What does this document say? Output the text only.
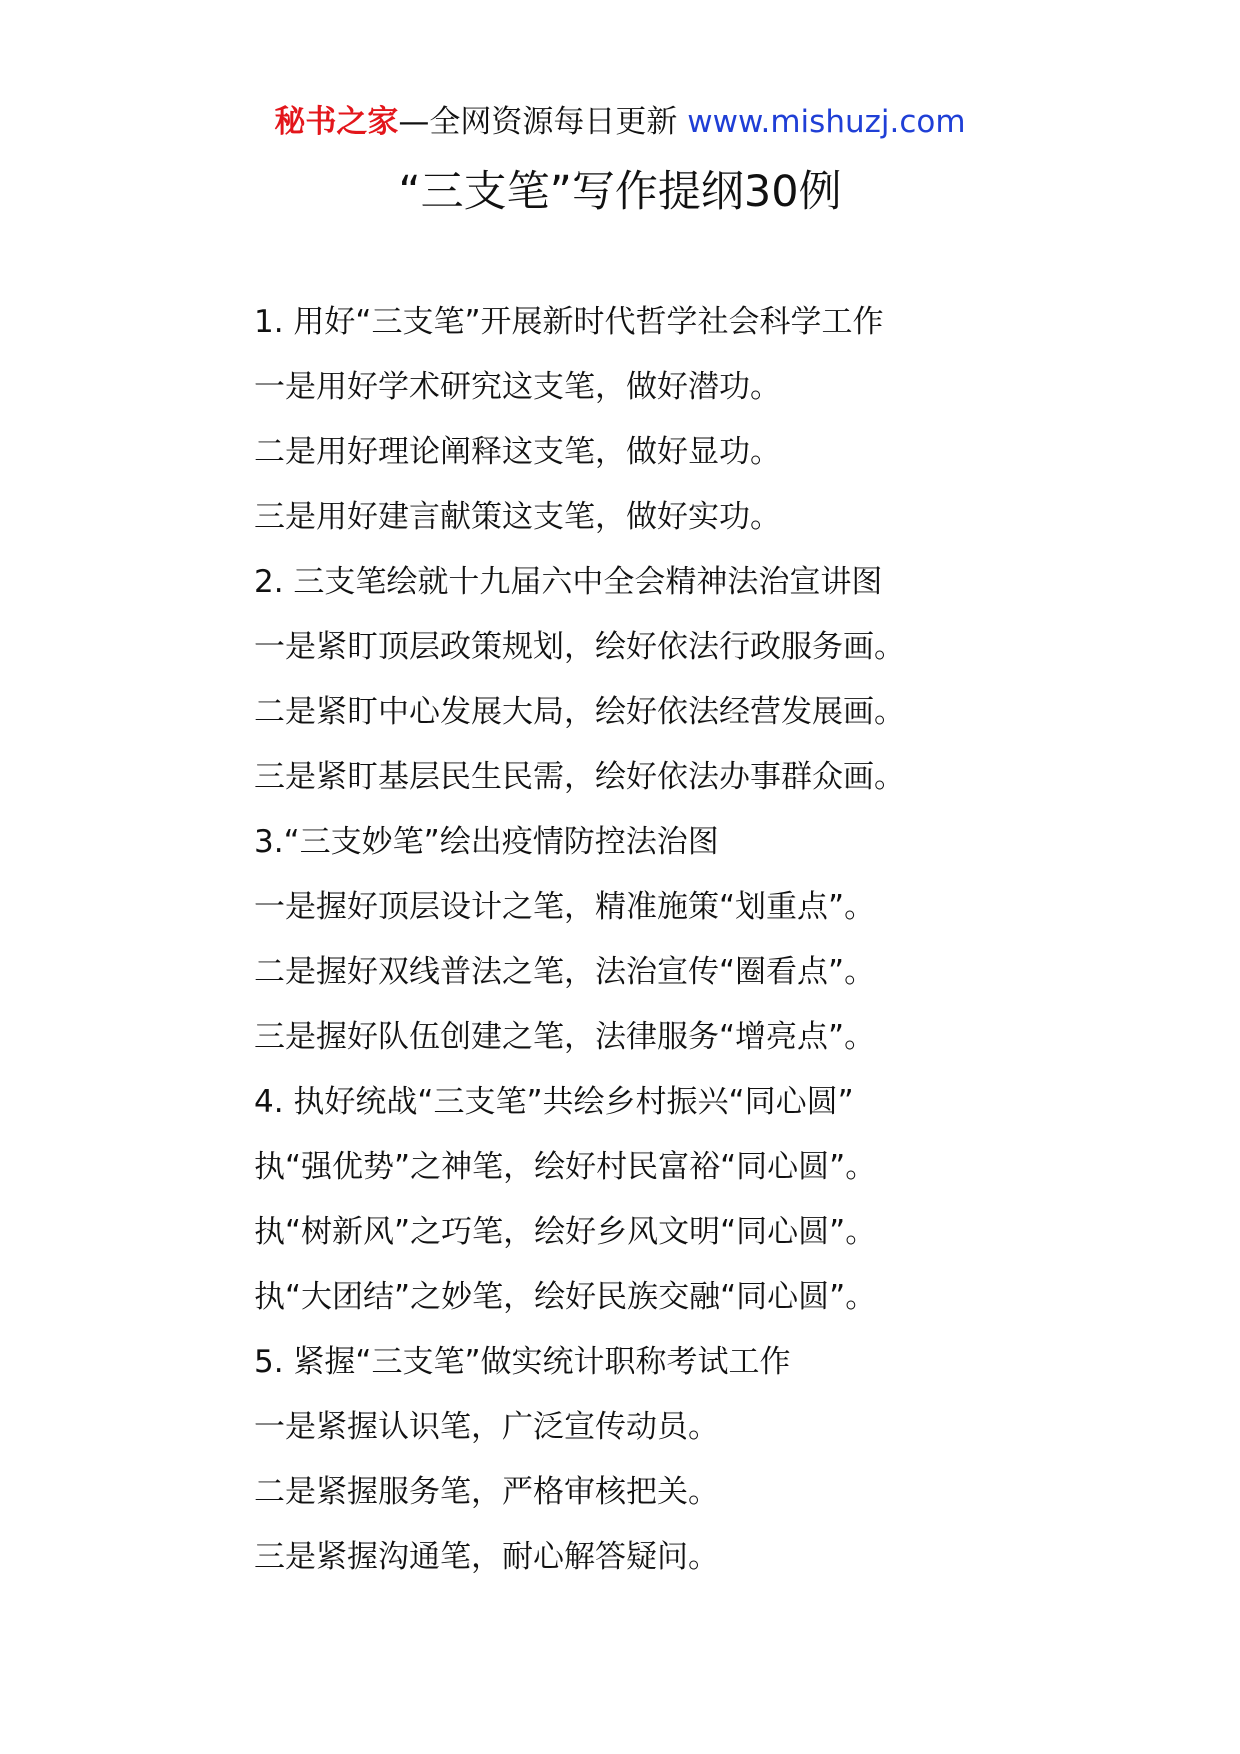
秘书之家—全网资源每日更新 www.mishuzj.com
“三支笔”写作提纲30例
1. 用好“三支笔”开展新时代哲学社会科学工作
一是用好学术研究这支笔，做好潜功。
二是用好理论阐释这支笔，做好显功。
三是用好建言献策这支笔，做好实功。
2. 三支笔绘就十九届六中全会精神法治宣讲图
一是紧盯顶层政策规划，绘好依法行政服务画。
二是紧盯中心发展大局，绘好依法经营发展画。
三是紧盯基层民生民需，绘好依法办事群众画。
3.“三支妙笔”绘出疫情防控法治图
一是握好顶层设计之笔，精准施策“划重点”。
二是握好双线普法之笔，法治宣传“圈看点”。
三是握好队伍创建之笔，法律服务“增亮点”。
4. 执好统战“三支笔”共绘乡村振兴“同心圆”
执“强优势”之神笔，绘好村民富裕“同心圆”。
执“树新风”之巧笔，绘好乡风文明“同心圆”。
执“大团结”之妙笔，绘好民族交融“同心圆”。
5. 紧握“三支笔”做实统计职称考试工作
一是紧握认识笔，广泛宣传动员。
二是紧握服务笔，严格审核把关。
三是紧握沟通笔，耐心解答疑问。
